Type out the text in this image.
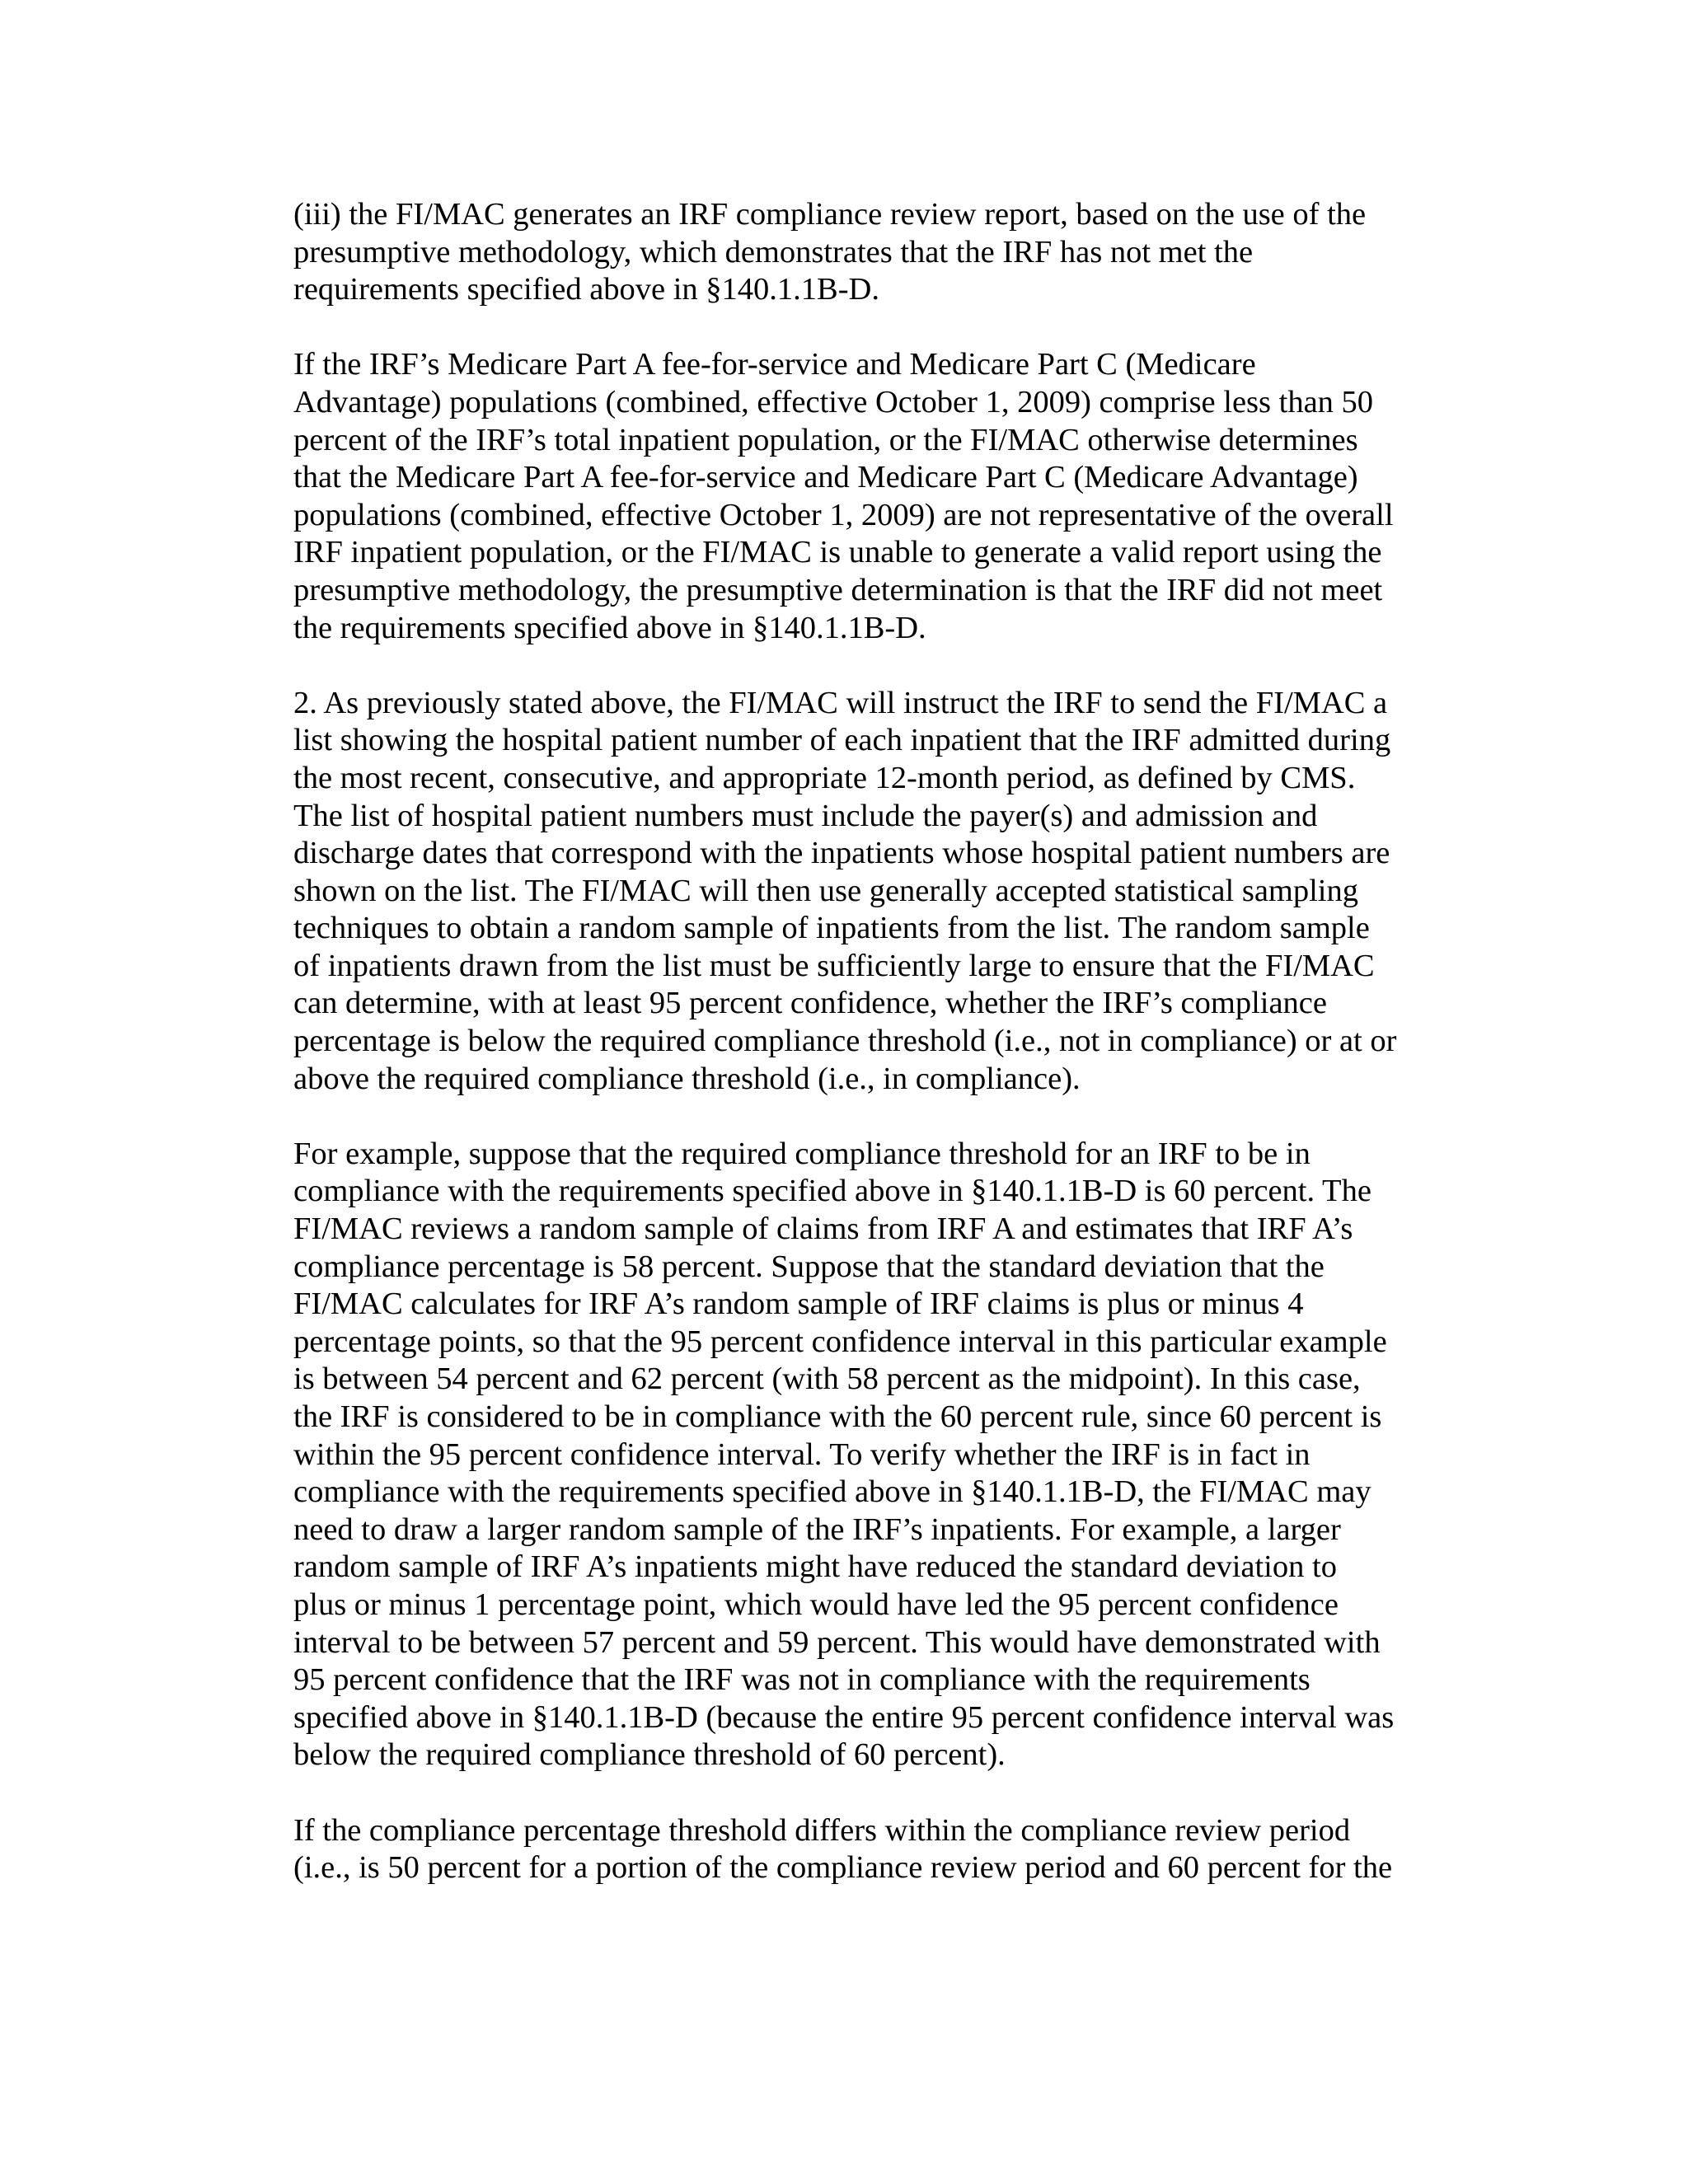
(iii) the FI/MAC generates an IRF compliance review report, based on the use of the
presumptive methodology, which demonstrates that the IRF has not met the
requirements specified above in §140.1.1B-D.
If the IRF’s Medicare Part A fee-for-service and Medicare Part C (Medicare
Advantage) populations (combined, effective October 1, 2009) comprise less than 50
percent of the IRF’s total inpatient population, or the FI/MAC otherwise determines
that the Medicare Part A fee-for-service and Medicare Part C (Medicare Advantage)
populations (combined, effective October 1, 2009) are not representative of the overall
IRF inpatient population, or the FI/MAC is unable to generate a valid report using the
presumptive methodology, the presumptive determination is that the IRF did not meet
the requirements specified above in §140.1.1B-D.
2. As previously stated above, the FI/MAC will instruct the IRF to send the FI/MAC a
list showing the hospital patient number of each inpatient that the IRF admitted during
the most recent, consecutive, and appropriate 12-month period, as defined by CMS.
The list of hospital patient numbers must include the payer(s) and admission and
discharge dates that correspond with the inpatients whose hospital patient numbers are
shown on the list. The FI/MAC will then use generally accepted statistical sampling
techniques to obtain a random sample of inpatients from the list. The random sample
of inpatients drawn from the list must be sufficiently large to ensure that the FI/MAC
can determine, with at least 95 percent confidence, whether the IRF’s compliance
percentage is below the required compliance threshold (i.e., not in compliance) or at or
above the required compliance threshold (i.e., in compliance).
For example, suppose that the required compliance threshold for an IRF to be in
compliance with the requirements specified above in §140.1.1B-D is 60 percent. The
FI/MAC reviews a random sample of claims from IRF A and estimates that IRF A’s
compliance percentage is 58 percent. Suppose that the standard deviation that the
FI/MAC calculates for IRF A’s random sample of IRF claims is plus or minus 4
percentage points, so that the 95 percent confidence interval in this particular example
is between 54 percent and 62 percent (with 58 percent as the midpoint). In this case,
the IRF is considered to be in compliance with the 60 percent rule, since 60 percent is
within the 95 percent confidence interval. To verify whether the IRF is in fact in
compliance with the requirements specified above in §140.1.1B-D, the FI/MAC may
need to draw a larger random sample of the IRF’s inpatients. For example, a larger
random sample of IRF A’s inpatients might have reduced the standard deviation to
plus or minus 1 percentage point, which would have led the 95 percent confidence
interval to be between 57 percent and 59 percent. This would have demonstrated with
95 percent confidence that the IRF was not in compliance with the requirements
specified above in §140.1.1B-D (because the entire 95 percent confidence interval was
below the required compliance threshold of 60 percent).
If the compliance percentage threshold differs within the compliance review period
(i.e., is 50 percent for a portion of the compliance review period and 60 percent for the
